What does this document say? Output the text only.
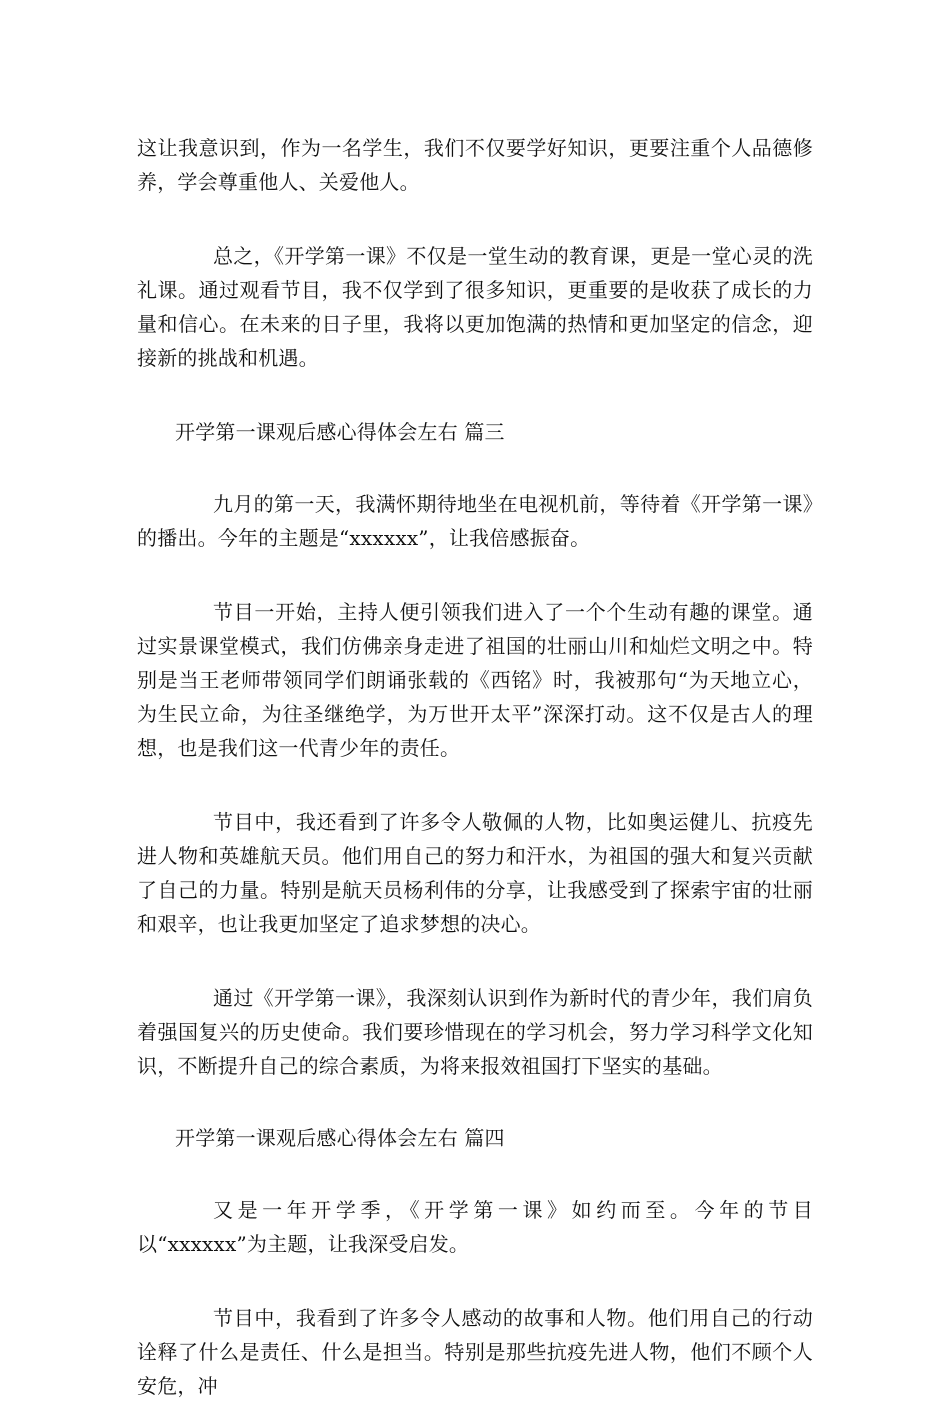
这让我意识到，作为一名学生，我们不仅要学好知识，更要注重个人品德修养，学会尊重他人、关爱他人。

总之，《开学第一课》不仅是一堂生动的教育课，更是一堂心灵的洗礼课。通过观看节目，我不仅学到了很多知识，更重要的是收获了成长的力量和信心。在未来的日子里，我将以更加饱满的热情和更加坚定的信念，迎接新的挑战和机遇。

开学第一课观后感心得体会左右 篇三

九月的第一天，我满怀期待地坐在电视机前，等待着《开学第一课》的播出。今年的主题是“xxxxxx”，让我倍感振奋。

节目一开始，主持人便引领我们进入了一个个生动有趣的课堂。通过实景课堂模式，我们仿佛亲身走进了祖国的壮丽山川和灿烂文明之中。特别是当王老师带领同学们朗诵张载的《西铭》时，我被那句“为天地立心，为生民立命，为往圣继绝学，为万世开太平”深深打动。这不仅是古人的理想，也是我们这一代青少年的责任。

节目中，我还看到了许多令人敬佩的人物，比如奥运健儿、抗疫先进人物和英雄航天员。他们用自己的努力和汗水，为祖国的强大和复兴贡献了自己的力量。特别是航天员杨利伟的分享，让我感受到了探索宇宙的壮丽和艰辛，也让我更加坚定了追求梦想的决心。

通过《开学第一课》，我深刻认识到作为新时代的青少年，我们肩负着强国复兴的历史使命。我们要珍惜现在的学习机会，努力学习科学文化知识，不断提升自己的综合素质，为将来报效祖国打下坚实的基础。

开学第一课观后感心得体会左右 篇四

又是一年开学季，《开学第一课》如约而至。今年的节目以“xxxxxx”为主题，让我深受启发。

节目中，我看到了许多令人感动的故事和人物。他们用自己的行动诠释了什么是责任、什么是担当。特别是那些抗疫先进人物，他们不顾个人安危，冲
